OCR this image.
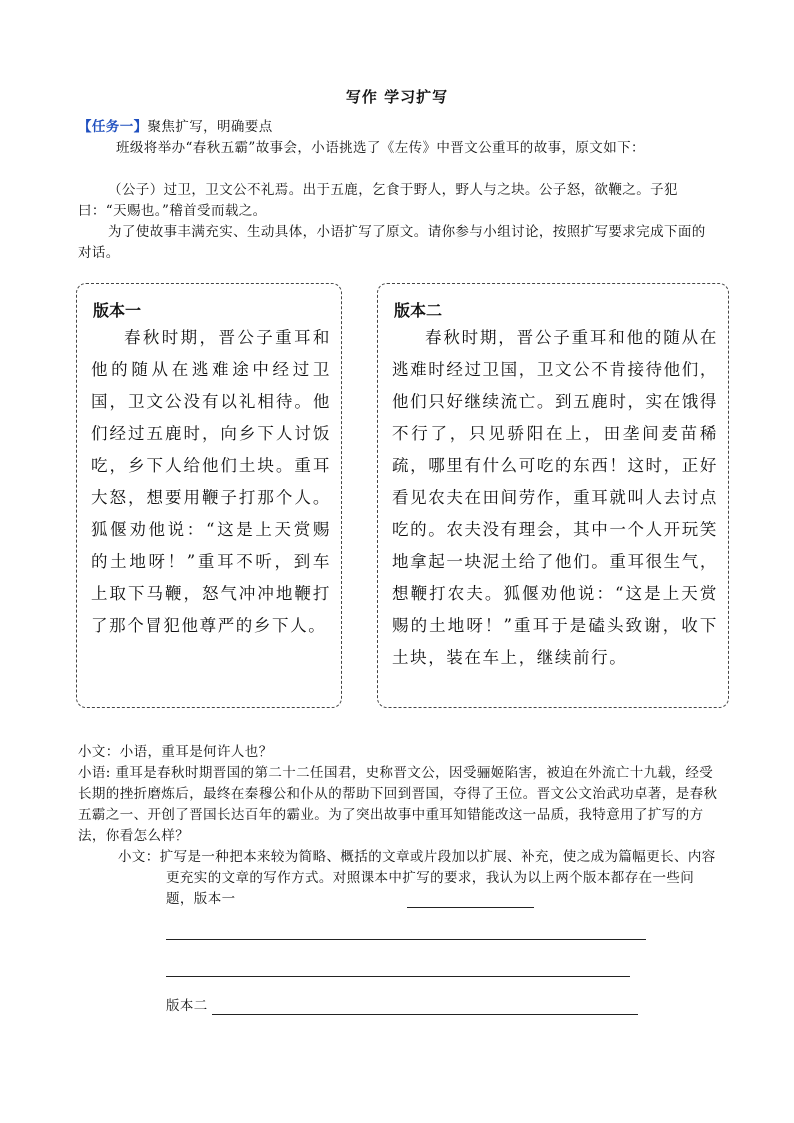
写作 学习扩写
【任务一】聚焦扩写，明确要点
班级将举办“春秋五霸”故事会，小语挑选了《左传》中晋文公重耳的故事，原文如下：
（公子）过卫，卫文公不礼焉。出于五鹿，乞食于野人，野人与之块。公子怒，欲鞭之。子犯曰：“天赐也。”稽首受而载之。
为了使故事丰满充实、生动具体，小语扩写了原文。请你参与小组讨论，按照扩写要求完成下面的对话。
版本一
春秋时期，晋公子重耳和他的随从在逃难途中经过卫国，卫文公没有以礼相待。他们经过五鹿时，向乡下人讨饭吃，乡下人给他们土块。重耳大怒，想要用鞭子打那个人。狐偃劝他说：“这是上天赏赐的土地呀！”重耳不听，到车上取下马鞭，怒气冲冲地鞭打了那个冒犯他尊严的乡下人。
版本二
春秋时期，晋公子重耳和他的随从在逃难时经过卫国，卫文公不肯接待他们，他们只好继续流亡。到五鹿时，实在饿得不行了，只见骄阳在上，田垄间麦苗稀疏，哪里有什么可吃的东西！这时，正好看见农夫在田间劳作，重耳就叫人去讨点吃的。农夫没有理会，其中一个人开玩笑地拿起一块泥土给了他们。重耳很生气，想鞭打农夫。狐偃劝他说：“这是上天赏赐的土地呀！”重耳于是磕头致谢，收下土块，装在车上，继续前行。
小文：小语，重耳是何许人也？
小语: 重耳是春秋时期晋国的第二十二任国君，史称晋文公，因受骊姬陷害，被迫在外流亡十九载，经受长期的挫折磨炼后，最终在秦穆公和仆从的帮助下回到晋国，夺得了王位。晋文公文治武功卓著，是春秋五霸之一、开创了晋国长达百年的霸业。为了突出故事中重耳知错能改这一品质，我特意用了扩写的方法，你看怎么样？
小文：扩写是一种把本来较为简略、概括的文章或片段加以扩展、补充，使之成为篇幅更长、内容更充实的文章的写作方式。对照课本中扩写的要求，我认为以上两个版本都存在一些问题，版本一
版本二
